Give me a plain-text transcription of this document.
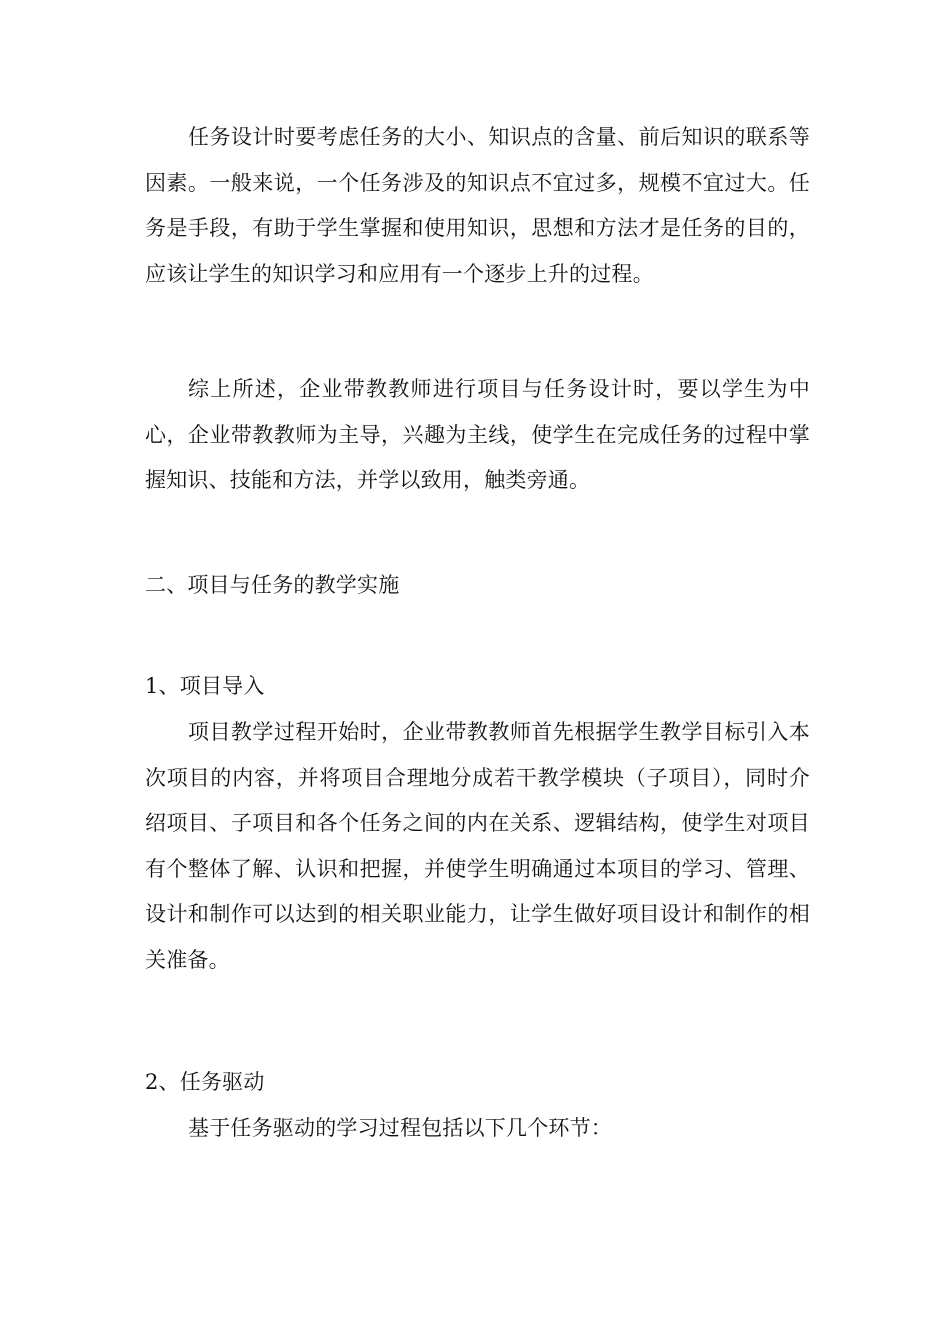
任务设计时要考虑任务的大小、知识点的含量、前后知识的联系等因素。一般来说，一个任务涉及的知识点不宜过多，规模不宜过大。任务是手段，有助于学生掌握和使用知识，思想和方法才是任务的目的，应该让学生的知识学习和应用有一个逐步上升的过程。

综上所述，企业带教教师进行项目与任务设计时，要以学生为中心，企业带教教师为主导，兴趣为主线，使学生在完成任务的过程中掌握知识、技能和方法，并学以致用，触类旁通。

二、项目与任务的教学实施

1、项目导入

项目教学过程开始时，企业带教教师首先根据学生教学目标引入本次项目的内容，并将项目合理地分成若干教学模块（子项目），同时介绍项目、子项目和各个任务之间的内在关系、逻辑结构，使学生对项目有个整体了解、认识和把握，并使学生明确通过本项目的学习、管理、设计和制作可以达到的相关职业能力，让学生做好项目设计和制作的相关准备。

2、任务驱动

基于任务驱动的学习过程包括以下几个环节：
